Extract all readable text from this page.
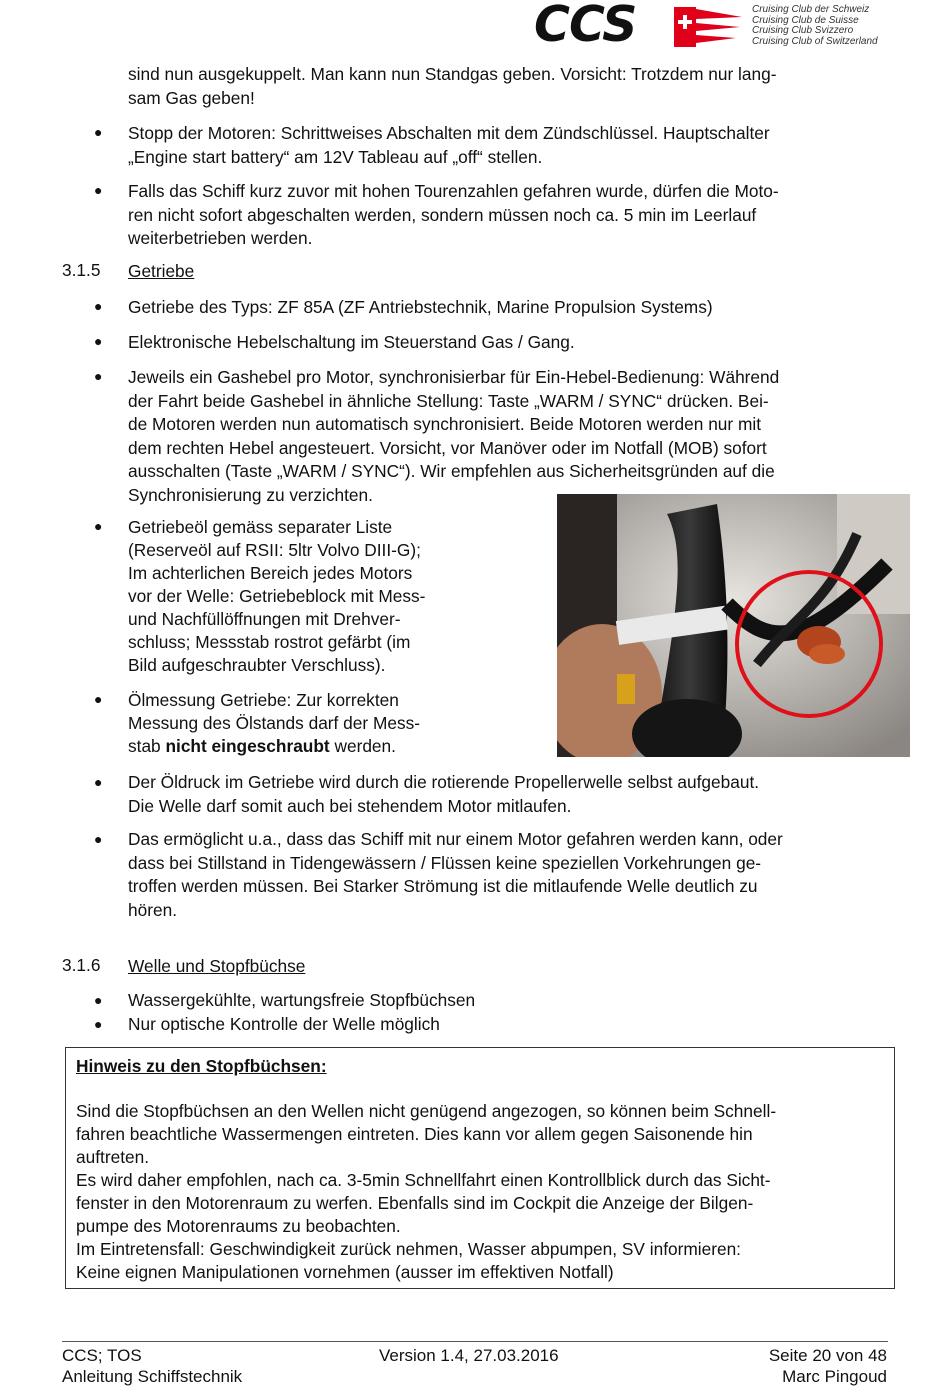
CCS	Cruising Club der Schweiz
Cruising Club de Suisse
Cruising Club Svizzero
Cruising Club of Switzerland
sind nun ausgekuppelt. Man kann nun Standgas geben. Vorsicht: Trotzdem nur lang-
sam Gas geben!
● Stopp der Motoren: Schrittweises Abschalten mit dem Zündschlüssel. Hauptschalter
„Engine start battery“ am 12V Tableau auf „off“ stellen.
● Falls das Schiff kurz zuvor mit hohen Tourenzahlen gefahren wurde, dürfen die Moto-
ren nicht sofort abgeschalten werden, sondern müssen noch ca. 5 min im Leerlauf
weiterbetrieben werden.
3.1.5 Getriebe
● Getriebe des Typs: ZF 85A (ZF Antriebstechnik, Marine Propulsion Systems)
● Elektronische Hebelschaltung im Steuerstand Gas / Gang.
● Jeweils ein Gashebel pro Motor, synchronisierbar für Ein-Hebel-Bedienung: Während
der Fahrt beide Gashebel in ähnliche Stellung: Taste „WARM / SYNC“ drücken. Bei-
de Motoren werden nun automatisch synchronisiert. Beide Motoren werden nur mit
dem rechten Hebel angesteuert. Vorsicht, vor Manöver oder im Notfall (MOB) sofort
ausschalten (Taste „WARM / SYNC“). Wir empfehlen aus Sicherheitsgründen auf die
Synchronisierung zu verzichten.
● Getriebeöl gemäss separater Liste
(Reserveöl auf RSII: 5ltr Volvo DIII-G);
Im achterlichen Bereich jedes Motors
vor der Welle: Getriebeblock mit Mess-
und Nachfüllöffnungen mit Drehver-
schluss; Messstab rostrot gefärbt (im
Bild aufgeschraubter Verschluss).
● Ölmessung Getriebe: Zur korrekten
Messung des Ölstands darf der Mess-
stab nicht eingeschraubt werden.
● Der Öldruck im Getriebe wird durch die rotierende Propellerwelle selbst aufgebaut.
Die Welle darf somit auch bei stehendem Motor mitlaufen.
● Das ermöglicht u.a., dass das Schiff mit nur einem Motor gefahren werden kann, oder
dass bei Stillstand in Tidengewässern / Flüssen keine speziellen Vorkehrungen ge-
troffen werden müssen. Bei Starker Strömung ist die mitlaufende Welle deutlich zu
hören.
3.1.6 Welle und Stopfbüchse
● Wassergekühlte, wartungsfreie Stopfbüchsen
● Nur optische Kontrolle der Welle möglich
Hinweis zu den Stopfbüchsen:
Sind die Stopfbüchsen an den Wellen nicht genügend angezogen, so können beim Schnell-
fahren beachtliche Wassermengen eintreten. Dies kann vor allem gegen Saisonende hin
auftreten.
Es wird daher empfohlen, nach ca. 3-5min Schnellfahrt einen Kontrollblick durch das Sicht-
fenster in den Motorenraum zu werfen. Ebenfalls sind im Cockpit die Anzeige der Bilgen-
pumpe des Motorenraums zu beobachten.
Im Eintretensfall: Geschwindigkeit zurück nehmen, Wasser abpumpen, SV informieren:
Keine eignen Manipulationen vornehmen (ausser im effektiven Notfall)
CCS; TOS
Anleitung Schiffstechnik
Version 1.4, 27.03.2016	Seite 20 von 48
Marc Pingoud
